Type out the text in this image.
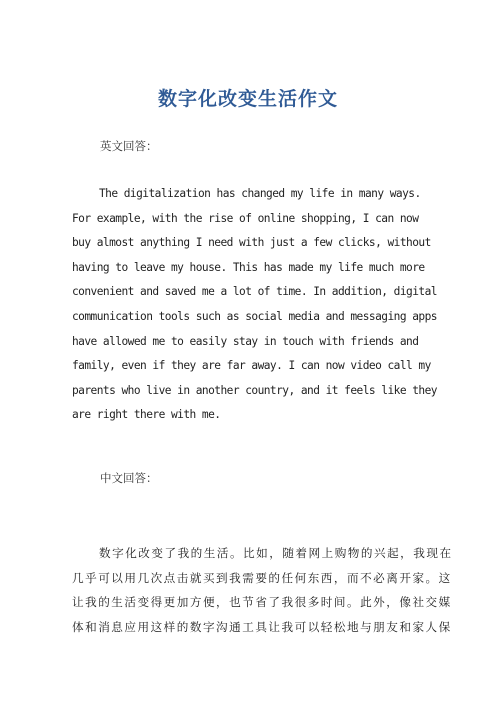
数字化改变生活作文

英文回答：

The digitalization has changed my life in many ways.
For example, with the rise of online shopping, I can now
buy almost anything I need with just a few clicks, without
having to leave my house. This has made my life much more
convenient and saved me a lot of time. In addition, digital
communication tools such as social media and messaging apps
have allowed me to easily stay in touch with friends and
family, even if they are far away. I can now video call my
parents who live in another country, and it feels like they
are right there with me.

中文回答：

数字化改变了我的生活。比如，随着网上购物的兴起，我现在
几乎可以用几次点击就买到我需要的任何东西，而不必离开家。这
让我的生活变得更加方便，也节省了我很多时间。此外，像社交媒
体和消息应用这样的数字沟通工具让我可以轻松地与朋友和家人保
